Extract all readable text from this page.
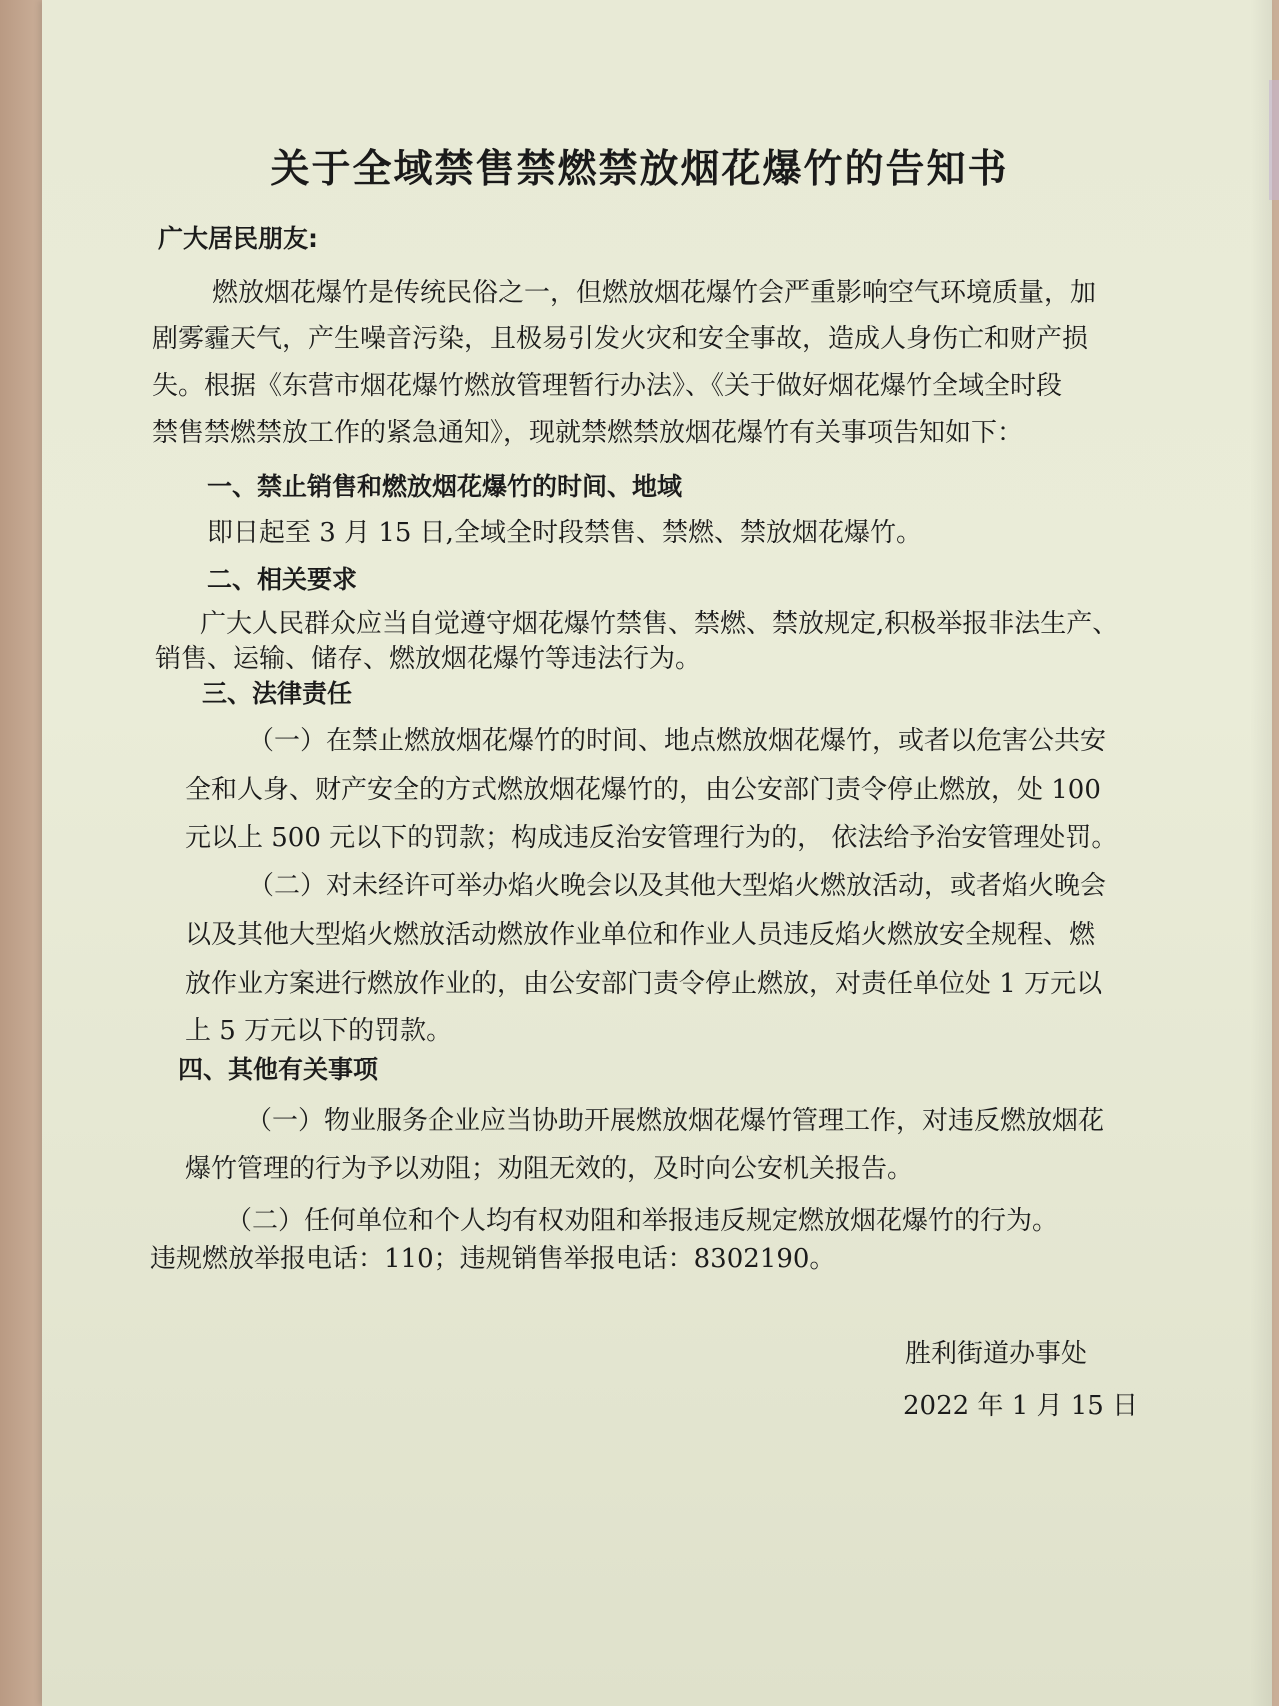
关于全域禁售禁燃禁放烟花爆竹的告知书
广大居民朋友:
燃放烟花爆竹是传统民俗之一，但燃放烟花爆竹会严重影响空气环境质量，加
剧雾霾天气，产生噪音污染，且极易引发火灾和安全事故，造成人身伤亡和财产损
失。根据《东营市烟花爆竹燃放管理暂行办法》、《关于做好烟花爆竹全域全时段
禁售禁燃禁放工作的紧急通知》，现就禁燃禁放烟花爆竹有关事项告知如下：
一、禁止销售和燃放烟花爆竹的时间、地域
即日起至 3 月 15 日,全域全时段禁售、禁燃、禁放烟花爆竹。
二、相关要求
广大人民群众应当自觉遵守烟花爆竹禁售、禁燃、禁放规定,积极举报非法生产、
销售、运输、储存、燃放烟花爆竹等违法行为。
三、法律责任
（一）在禁止燃放烟花爆竹的时间、地点燃放烟花爆竹，或者以危害公共安
全和人身、财产安全的方式燃放烟花爆竹的，由公安部门责令停止燃放，处 100
元以上 500 元以下的罚款；构成违反治安管理行为的， 依法给予治安管理处罚。
（二）对未经许可举办焰火晚会以及其他大型焰火燃放活动，或者焰火晚会
以及其他大型焰火燃放活动燃放作业单位和作业人员违反焰火燃放安全规程、燃
放作业方案进行燃放作业的，由公安部门责令停止燃放，对责任单位处 1 万元以
上 5 万元以下的罚款。
四、其他有关事项
（一）物业服务企业应当协助开展燃放烟花爆竹管理工作，对违反燃放烟花
爆竹管理的行为予以劝阻；劝阻无效的，及时向公安机关报告。
（二）任何单位和个人均有权劝阻和举报违反规定燃放烟花爆竹的行为。
违规燃放举报电话：110；违规销售举报电话：8302190。
胜利街道办事处
2022 年 1 月 15 日
